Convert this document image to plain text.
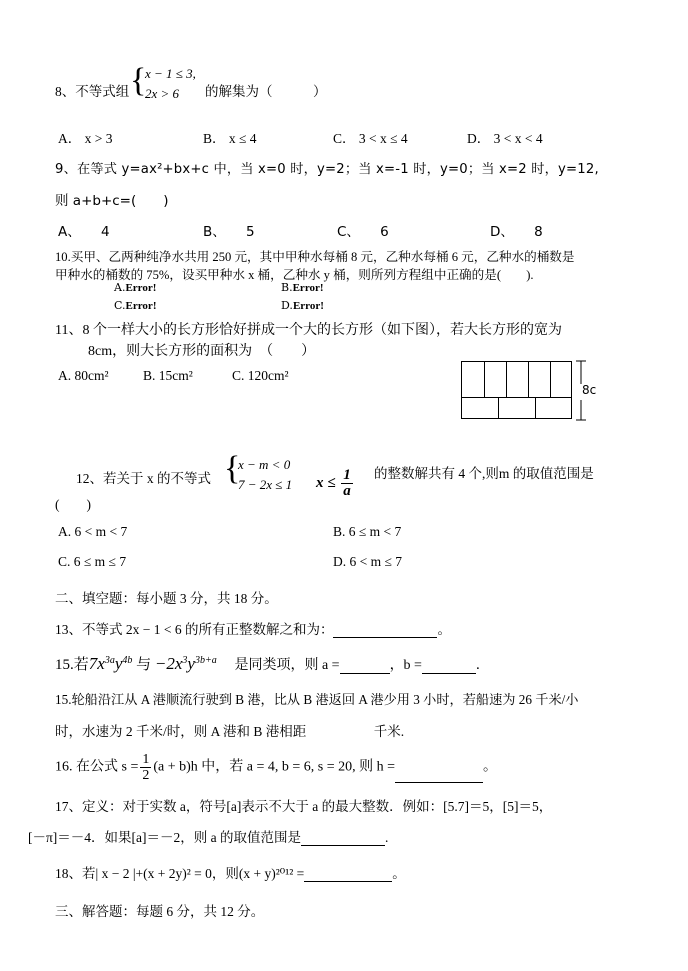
8、不等式组 {
x − 1 ≤ 3,
2x > 6	的解集为（　　　）
A． x > 3	B． x ≤ 4	C． 3 < x ≤ 4	D． 3 < x < 4
9、在等式 y=ax²+bx+c 中，当 x=0 时，y=2；当 x=-1 时，y=0；当 x=2 时，y=12,
则 a+b+c=(　　)
A、　　4	B、　　5	C、　　6	D、　　8
10.买甲、乙两种纯净水共用 250 元，其中甲种水每桶 8 元，乙种水每桶 6 元，乙种水的桶数是
甲种水的桶数的 75%，设买甲种水 x 桶，乙种水 y 桶，则所列方程组中正确的是(　　).
A.Error!	B.Error!
C.Error!	D.Error!
11、8 个一样大小的长方形恰好拼成一个大的长方形（如下图），若大长方形的宽为
8cm，则大长方形的面积为　（　　）
A. 80cm²	B. 15cm²	C. 120cm²
8c
12、若关于 x 的不等式 {
x − m < 0
7 − 2x ≤ 1 $x \le \frac{1}{a}$ 的整数解共有 4 个,则m 的取值范围是
(　　)
A. 6 < m < 7	B. 6 ≤ m < 7
C. 6 ≤ m ≤ 7	D. 6 < m ≤ 7
二、填空题：每小题 3 分，共 18 分。
13、不等式 2x − 1 < 6 的所有正整数解之和为：	。
15.若$7x^{3a}y^{4b}$ 与 $-2x^3y^{3b+a}$ 是同类项，则 a =	，b =	.
15.轮船沿江从 A 港顺流行驶到 B 港，比从 B 港返回 A 港少用 3 小时，若船速为 26 千米/小
时，水速为 2 千米/时，则 A 港和 B 港相距　　　　　千米.
16. 在公式 $s = \frac{1}{2} (a + b)h$ 中，若 a = 4, b = 6, s = 20, 则 h =	。
17、定义：对于实数 a，符号[a]表示不大于 a 的最大整数．例如：[5.7]＝5，[5]＝5，
[－π]＝－4．如果[a]＝－2，则 a 的取值范围是	.
18、若| x − 2 |+(x + 2y)² = 0，则(x + y)²⁰¹² =	。
三、解答题：每题 6 分，共 12 分。
